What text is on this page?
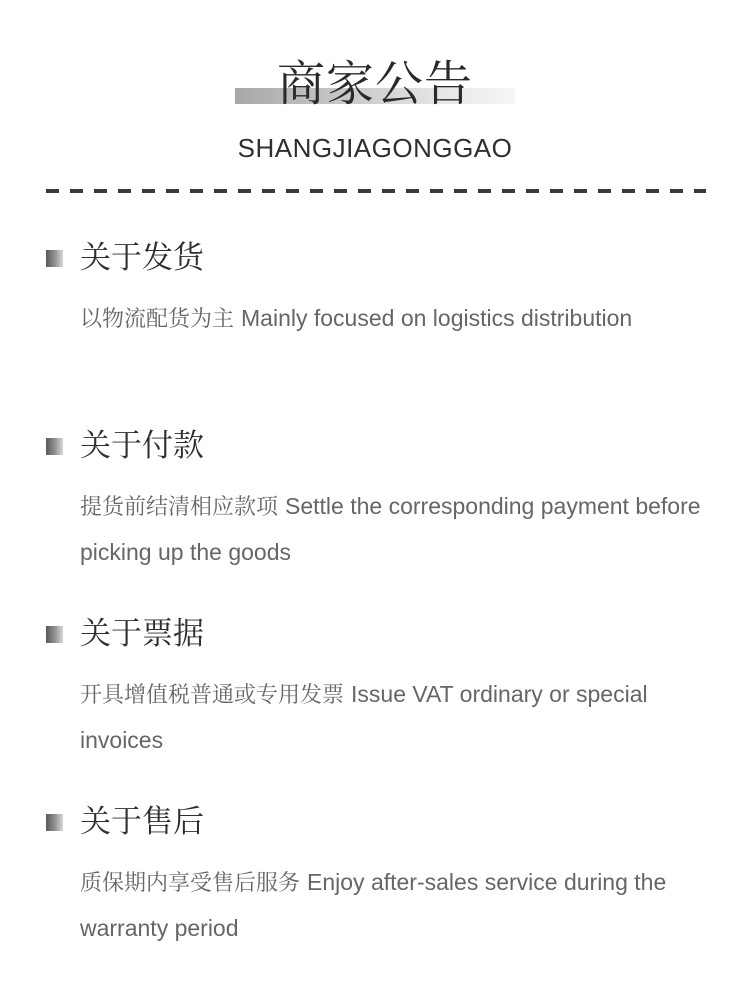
商家公告
SHANGJIAGONGGAO
关于发货
以物流配货为主 Mainly focused on logistics distribution
关于付款
提货前结清相应款项 Settle the corresponding payment before picking up the goods
关于票据
开具增值税普通或专用发票 Issue VAT ordinary or special invoices
关于售后
质保期内享受售后服务 Enjoy after-sales service during the warranty period
